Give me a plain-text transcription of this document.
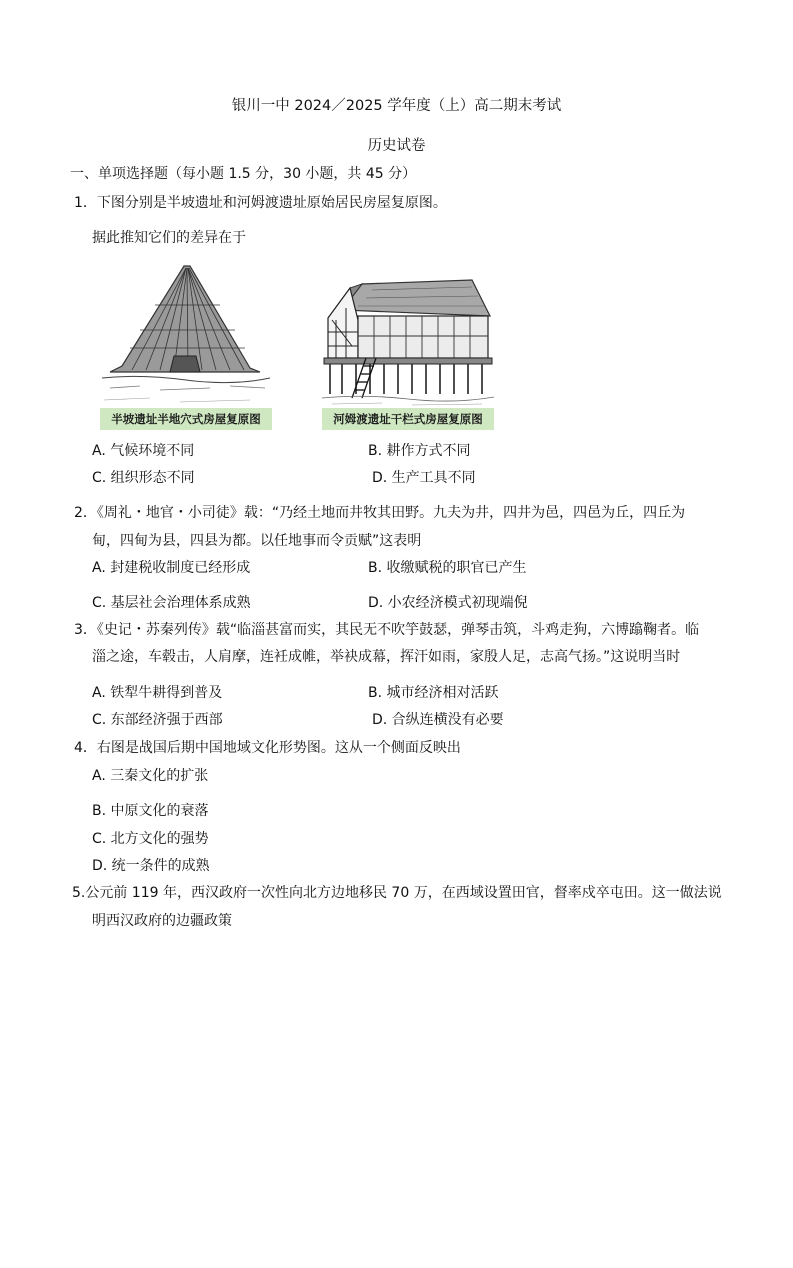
银川一中 2024／2025 学年度（上）高二期末考试
历史试卷
一、单项选择题（每小题 1.5 分，30 小题，共 45 分）
1．下图分别是半坡遗址和河姆渡遗址原始居民房屋复原图。
据此推知它们的差异在于
半坡遗址半地穴式房屋复原图	河姆渡遗址干栏式房屋复原图
A. 气候环境不同	B. 耕作方式不同
C. 组织形态不同	D. 生产工具不同
2．《周礼・地官・小司徒》载：“乃经土地而井牧其田野。九夫为井，四井为邑，四邑为丘，四丘为
甸，四甸为县，四县为都。以任地事而令贡赋”这表明
A. 封建税收制度已经形成	B. 收缴赋税的职官已产生
C. 基层社会治理体系成熟	D. 小农经济模式初现端倪
3．《史记・苏秦列传》载“临淄甚富而实，其民无不吹竽鼓瑟，弹琴击筑，斗鸡走狗，六博蹹鞠者。临
淄之途，车毂击，人肩摩，连衽成帷，举袂成幕，挥汗如雨，家殷人足，志高气扬。”这说明当时
A. 铁犁牛耕得到普及	B. 城市经济相对活跃
C. 东部经济强于西部	D. 合纵连横没有必要
4．右图是战国后期中国地域文化形势图。这从一个侧面反映出
A. 三秦文化的扩张
B. 中原文化的衰落
C. 北方文化的强势
D. 统一条件的成熟
5.公元前 119 年，西汉政府一次性向北方边地移民 70 万，在西域设置田官，督率戍卒屯田。这一做法说
明西汉政府的边疆政策
